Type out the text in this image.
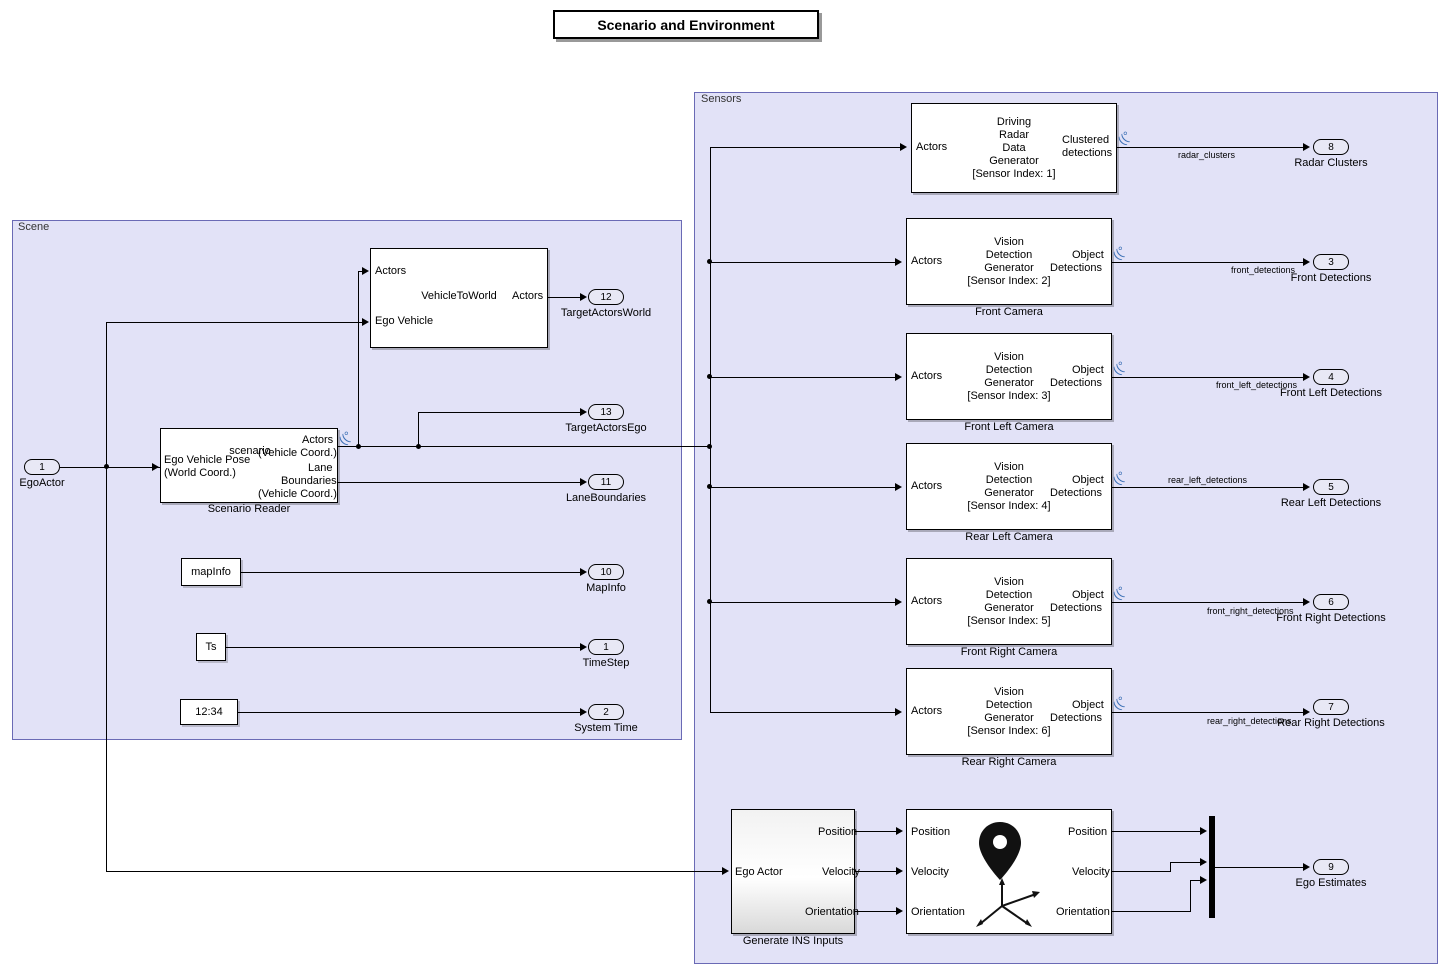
Scenario and Environment
Scene
Sensors
1
EgoActor
scenario
Ego Vehicle Pose
(World Coord.)
Actors
(Vehicle Coord.)
Lane
Boundaries
(Vehicle Coord.)
((°
Scenario Reader
VehicleToWorld
Actors
Ego Vehicle
Actors
mapInfo
Ts
12:34
12
TargetActorsWorld
13
TargetActorsEgo
11
LaneBoundaries
10
MapInfo
1
TimeStep
2
System Time
Driving
Radar
Data
Generator
[Sensor Index: 1]
Actors
Clustered
detections
((°
radar_clusters
8
Radar Clusters
Vision
Detection
Generator
[Sensor Index: 2]
Actors	Object
Detections
((°
Front Camera
front_detections
3
Front Detections
Vision
Detection
Generator
[Sensor Index: 3]
Actors	Object
Detections
((°
Front Left Camera
front_left_detections
4
Front Left Detections
Vision
Detection
Generator
[Sensor Index: 4]
Actors	Object
Detections
((°
Rear Left Camera
rear_left_detections
5
Rear Left Detections
Vision
Detection
Generator
[Sensor Index: 5]
Actors	Object
Detections
((°
Front Right Camera
front_right_detections
6
Front Right Detections
Vision
Detection
Generator
[Sensor Index: 6]
Actors	Object
Detections
((°
Rear Right Camera
rear_right_detections
7
Rear Right Detections
Ego Actor
Position
Velocity
Orientation
Generate INS Inputs
Position
Velocity
Orientation
Position
Velocity
Orientation
9
Ego Estimates
